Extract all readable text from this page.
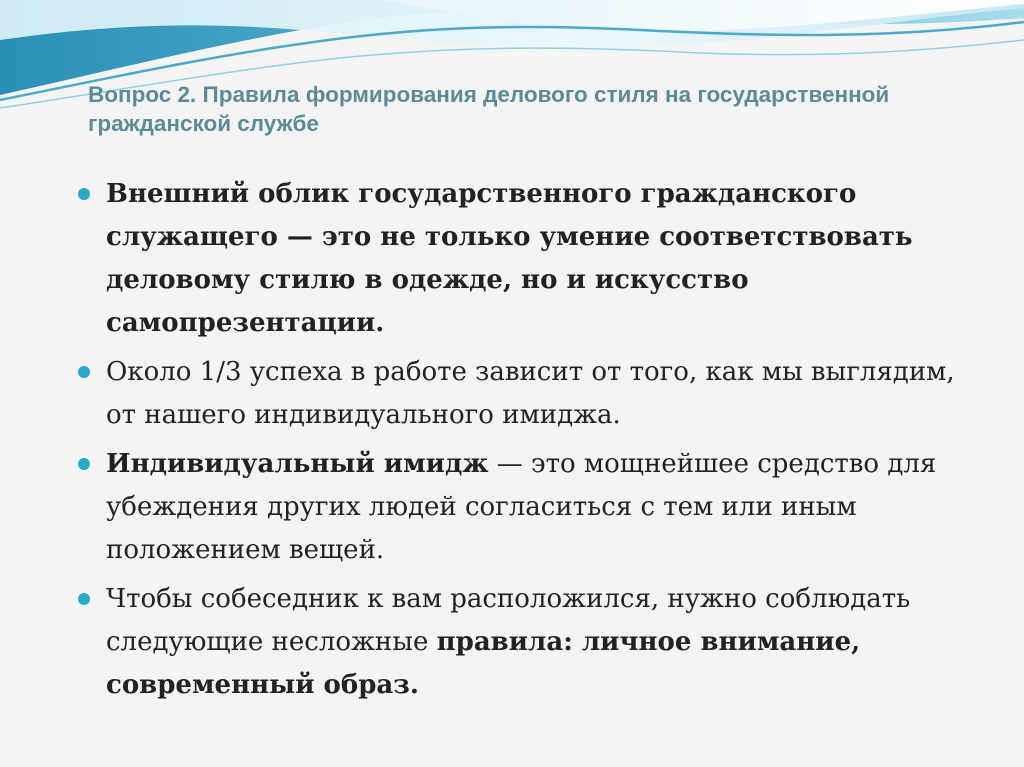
Вопрос 2. Правила формирования делового стиля на государственной гражданской службе
Внешний облик государственного гражданского служащего — это не только умение соответствовать деловому стилю в одежде, но и искусство самопрезентации.
Около 1/3 успеха в работе зависит от того, как мы выглядим, от нашего индивидуального имиджа.
Индивидуальный имидж — это мощнейшее средство для убеждения других людей согласиться с тем или иным положением вещей.
Чтобы собеседник к вам расположился, нужно соблюдать следующие несложные правила: личное внимание, современный образ.
